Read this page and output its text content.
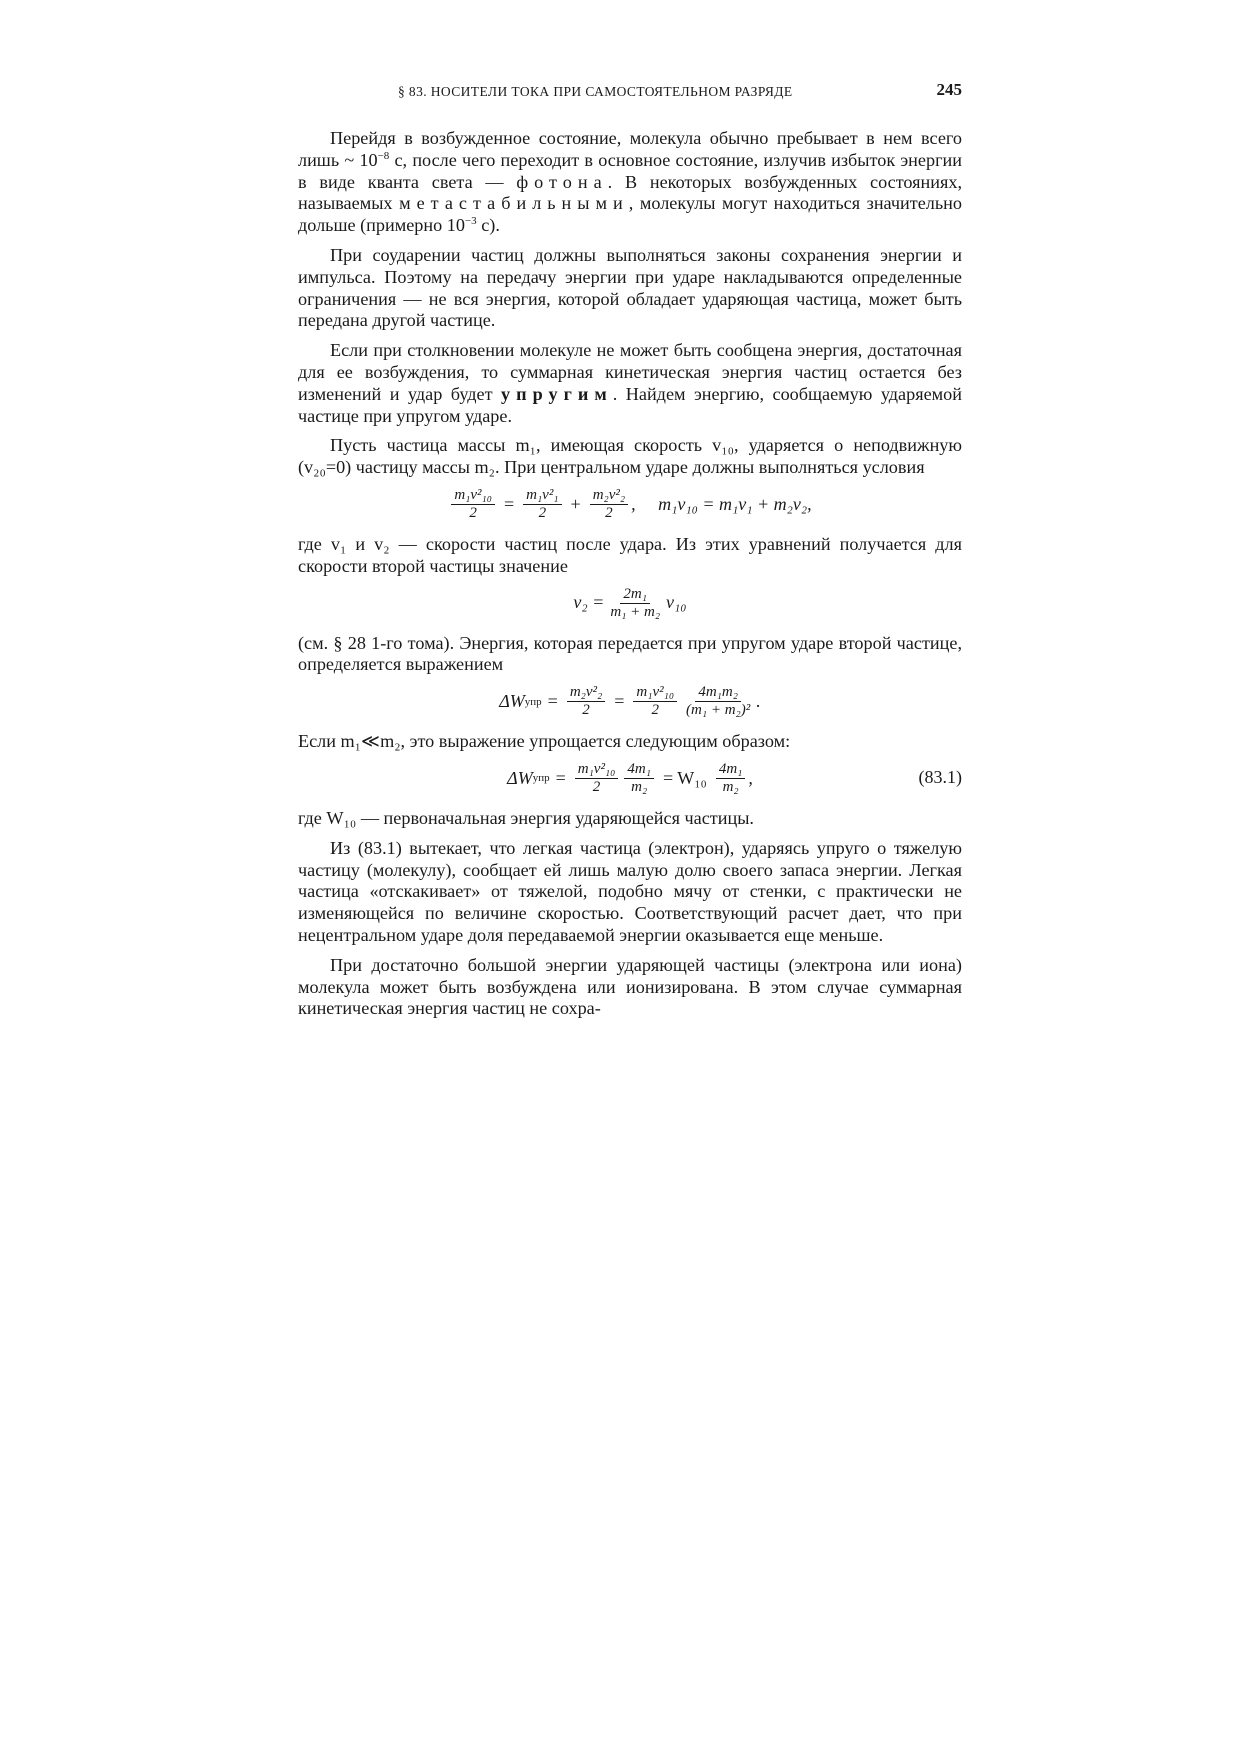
§ 83. НОСИТЕЛИ ТОКА ПРИ САМОСТОЯТЕЛЬНОМ РАЗРЯДЕ	245

Перейдя в возбужденное состояние, молекула обычно пребывает в нем всего лишь ~ $10^{-8}$ с, после чего переходит в основное состояние, излучив избыток энергии в виде кванта света — фотона. В некоторых возбужденных состояниях, называемых метастабильными, молекулы могут находиться значительно дольше (примерно $10^{-3}$ с).

При соударении частиц должны выполняться законы сохранения энергии и импульса. Поэтому на передачу энергии при ударе накладываются определенные ограничения — не вся энергия, которой обладает ударяющая частица, может быть передана другой частице.

Если при столкновении молекуле не может быть сообщена энергия, достаточная для ее возбуждения, то суммарная кинетическая энергия частиц остается без изменений и удар будет упругим. Найдем энергию, сообщаемую ударяемой частице при упругом ударе.

Пусть частица массы m₁, имеющая скорость v₁₀, ударяется о неподвижную (v₂₀=0) частицу массы m₂. При центральном ударе должны выполняться условия

$\frac{\text{m₁v²₁₀}}{2} = \frac{\text{m₁v²₁}}{2} + \frac{\text{m₂v²₂}}{2}$ ,     m₁v₁₀ = m₁v₁ + m₂v₂,

где v₁ и v₂ — скорости частиц после удара. Из этих уравнений получается для скорости второй частицы значение

$v_2 = \frac{\text{2m₁}}{\text{m₁ + m₂}} v_{10}$

(см. § 28 1-го тома). Энергия, которая передается при упругом ударе второй частице, определяется выражением

ΔW упр = $\frac{\text{m₂v²₂}}{2} = \frac{\text{m₁v²₁₀}}{2} \frac{\text{4m₁m₂}}{\text{(m₁ + m₂)²}}$ .

Если m₁≪m₂, это выражение упрощается следующим образом:

ΔW упр = $\frac{\text{m₁v²₁₀}}{2} \frac{\text{4m₁}}{\text{m₂}} = W_{10} \frac{\text{4m₁}}{\text{m₂}}$ ,	(83.1)

где W₁₀ — первоначальная энергия ударяющейся частицы.

Из (83.1) вытекает, что легкая частица (электрон), ударяясь упруго о тяжелую частицу (молекулу), сообщает ей лишь малую долю своего запаса энергии. Легкая частица «отскакивает» от тяжелой, подобно мячу от стенки, с практически не изменяющейся по величине скоростью. Соответствующий расчет дает, что при нецентральном ударе доля передаваемой энергии оказывается еще меньше.

При достаточно большой энергии ударяющей частицы (электрона или иона) молекула может быть возбуждена или ионизирована. В этом случае суммарная кинетическая энергия частиц не сохра-
